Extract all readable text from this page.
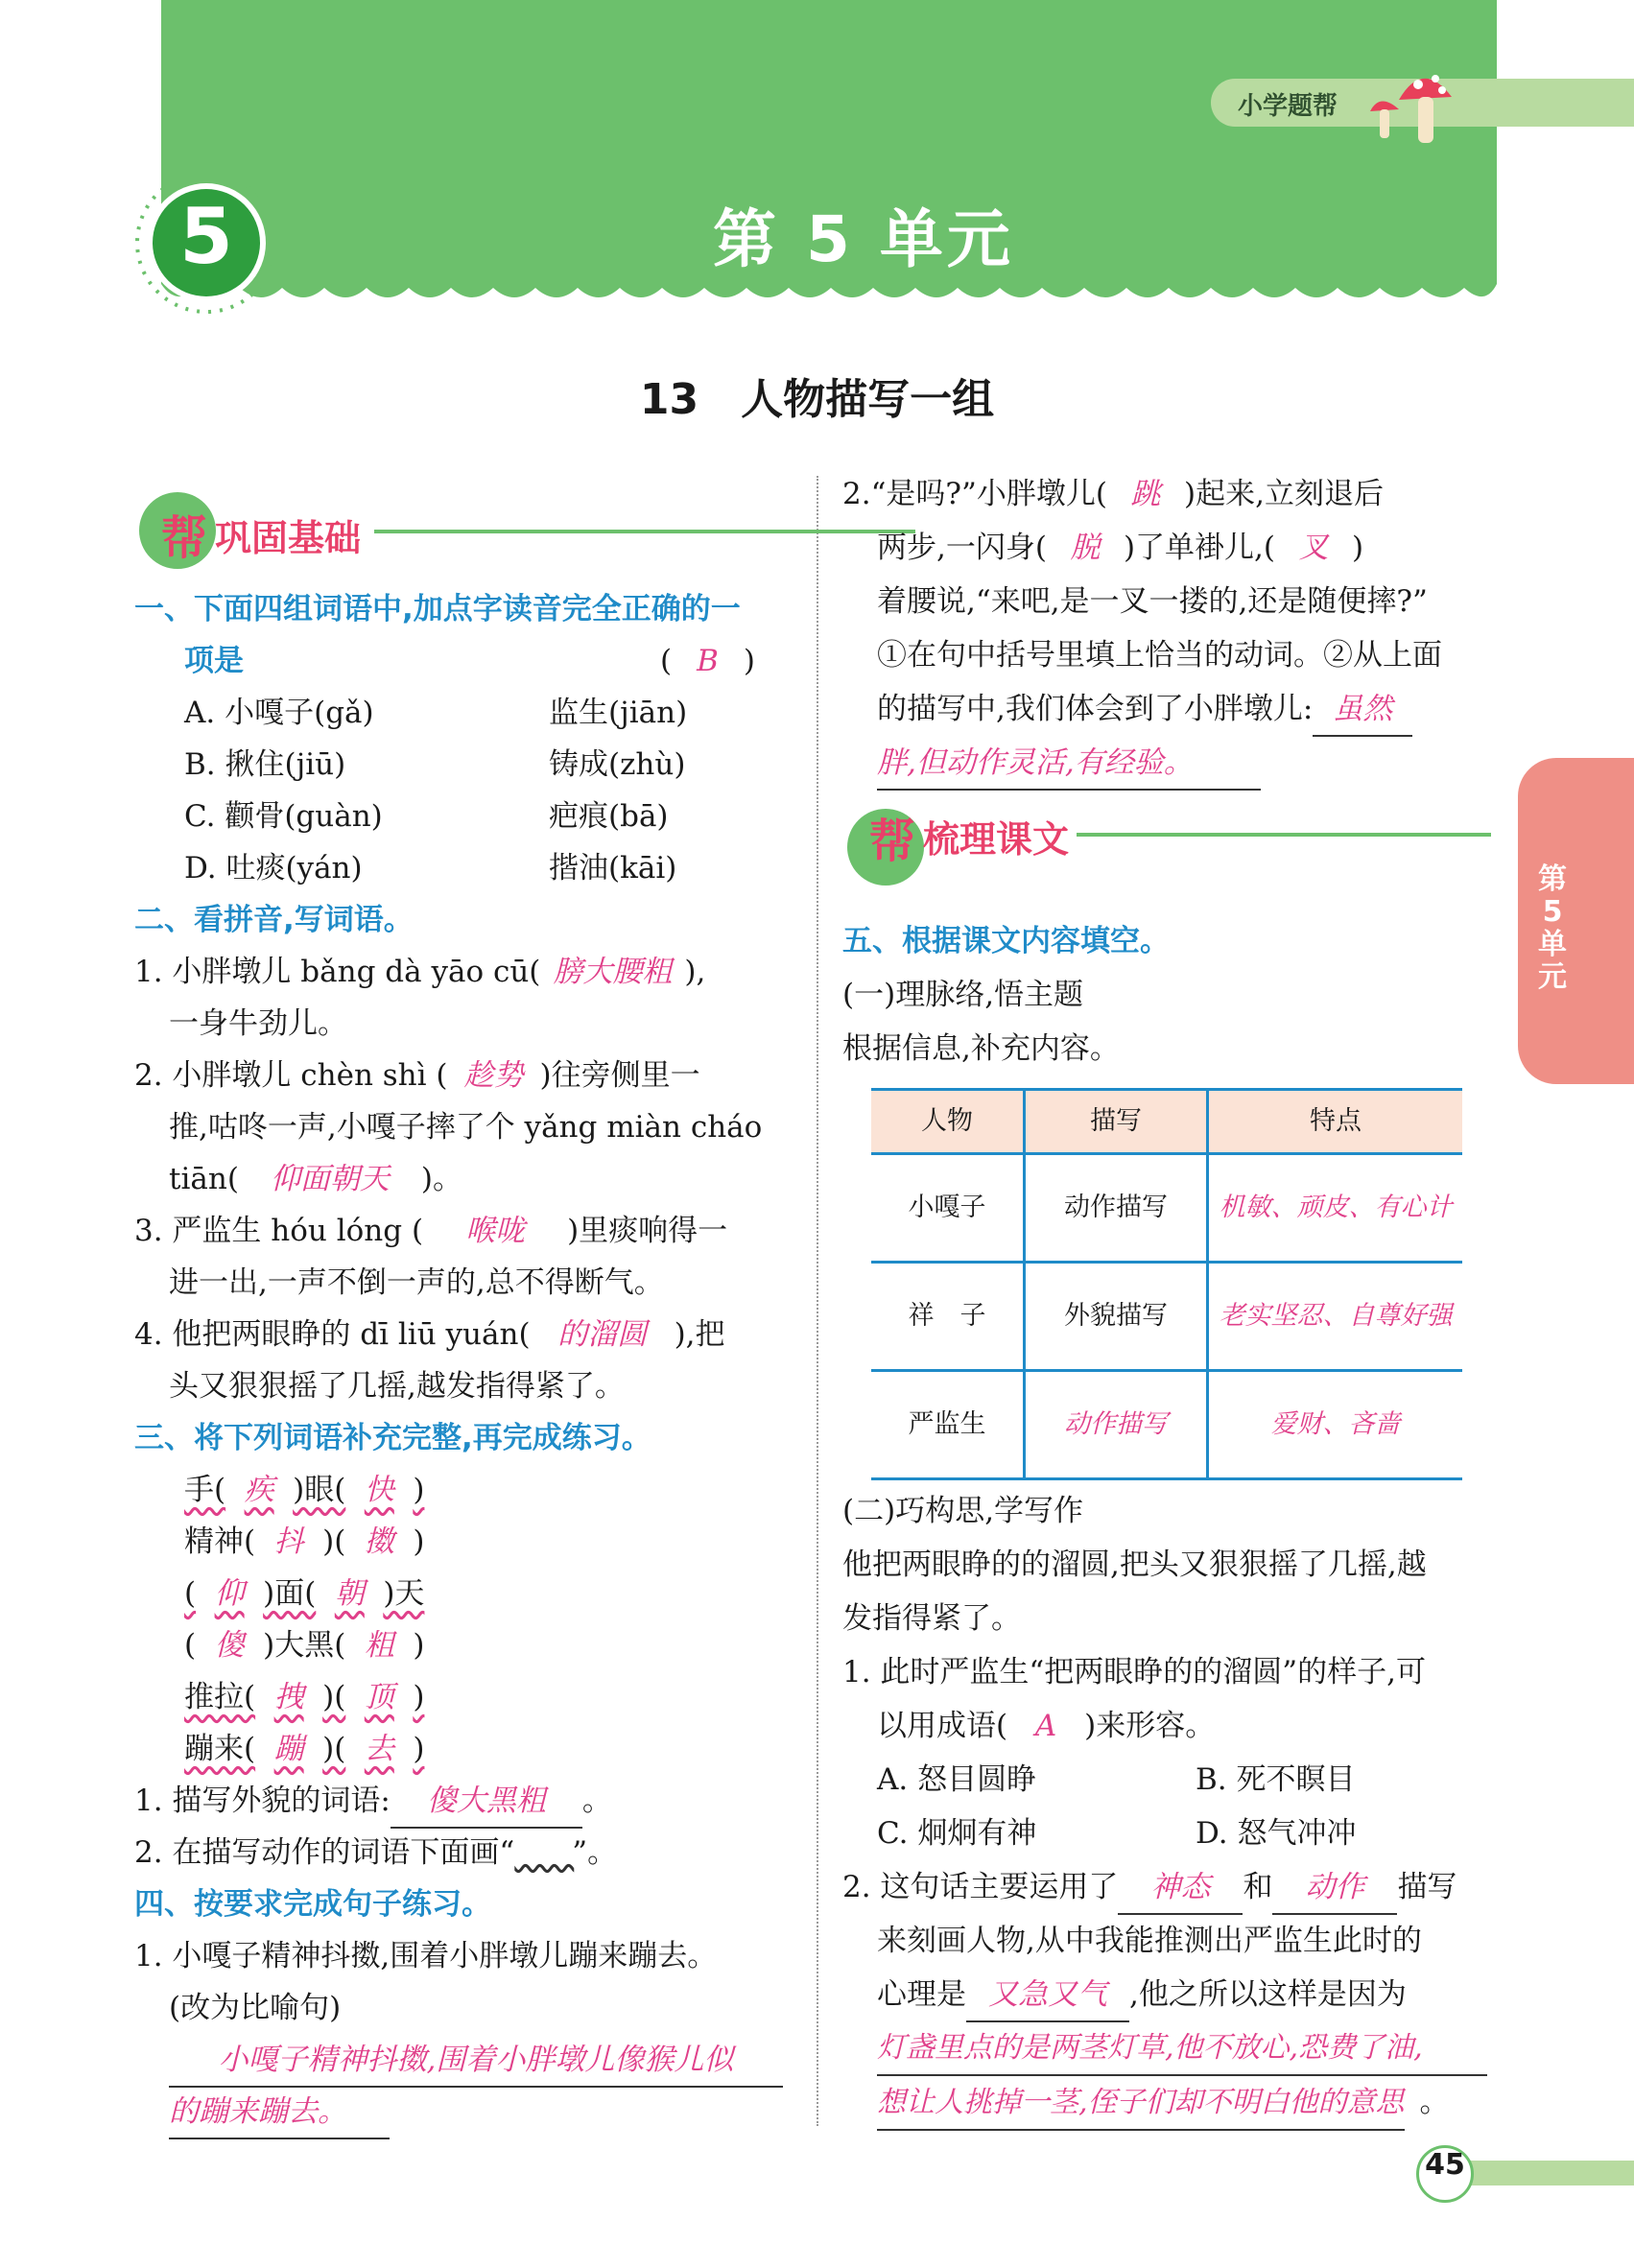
小学题帮
5	第 5 单元
13　人物描写一组
第5单元
45
帮 巩固基础
一、下面四组词语中,加点字读音完全正确的一
项是	( B )
A. 小嘎子(gǎ)	监生(jiān)
B. 揪住(jiū)	铸成(zhù)
C. 颧骨(guàn)	疤痕(bā)
D. 吐痰(yán)	揩油(kāi)
二、看拼音,写词语。
1. 小胖墩儿 bǎng dà yāo cū( 膀大腰粗 ),
一身牛劲儿。
2. 小胖墩儿 chèn shì ( 趁势 )往旁侧里一
推,咕咚一声,小嘎子摔了个 yǎng miàn cháo
tiān( 仰面朝天 )。
3. 严监生 hóu lóng ( 喉咙 )里痰响得一
进一出,一声不倒一声的,总不得断气。
4. 他把两眼睁的 dī liū yuán( 的溜圆 ),把
头又狠狠摇了几摇,越发指得紧了。
三、将下列词语补充完整,再完成练习。
手( 疾 )眼( 快 )
精神( 抖 )( 擞 )
( 仰 )面( 朝 )天
( 傻 )大黑( 粗 )
推拉( 拽 )( 顶 )
蹦来( 蹦 )( 去 )
1. 描写外貌的词语: 傻大黑粗 。
2. 在描写动作的词语下面画“   ”。
四、按要求完成句子练习。
1. 小嘎子精神抖擞,围着小胖墩儿蹦来蹦去。
(改为比喻句)
小嘎子精神抖擞,围着小胖墩儿像猴儿似
的蹦来蹦去。
2.“是吗?”小胖墩儿( 跳 )起来,立刻退后
两步,一闪身( 脱 )了单褂儿,( 叉 )
着腰说,“来吧,是一叉一搂的,还是随便摔?”
①在句中括号里填上恰当的动词。②从上面
的描写中,我们体会到了小胖墩儿: 虽然
胖,但动作灵活,有经验。
帮 梳理课文
五、根据课文内容填空。
(一)理脉络,悟主题
根据信息,补充内容。
人物	描写	特点
小嘎子	动作描写	机敏、顽皮、有心计
祥　子	外貌描写	老实坚忍、自尊好强
严监生	动作描写	爱财、吝啬
(二)巧构思,学写作
他把两眼睁的的溜圆,把头又狠狠摇了几摇,越
发指得紧了。
1. 此时严监生“把两眼睁的的溜圆”的样子,可
以用成语( A )来形容。
A. 怒目圆睁	B. 死不瞑目
C. 炯炯有神	D. 怒气冲冲
2. 这句话主要运用了 神态 和 动作 描写
来刻画人物,从中我能推测出严监生此时的
心理是 又急又气 ,他之所以这样是因为
灯盏里点的是两茎灯草,他不放心,恐费了油,
想让人挑掉一茎,侄子们却不明白他的意思 。
